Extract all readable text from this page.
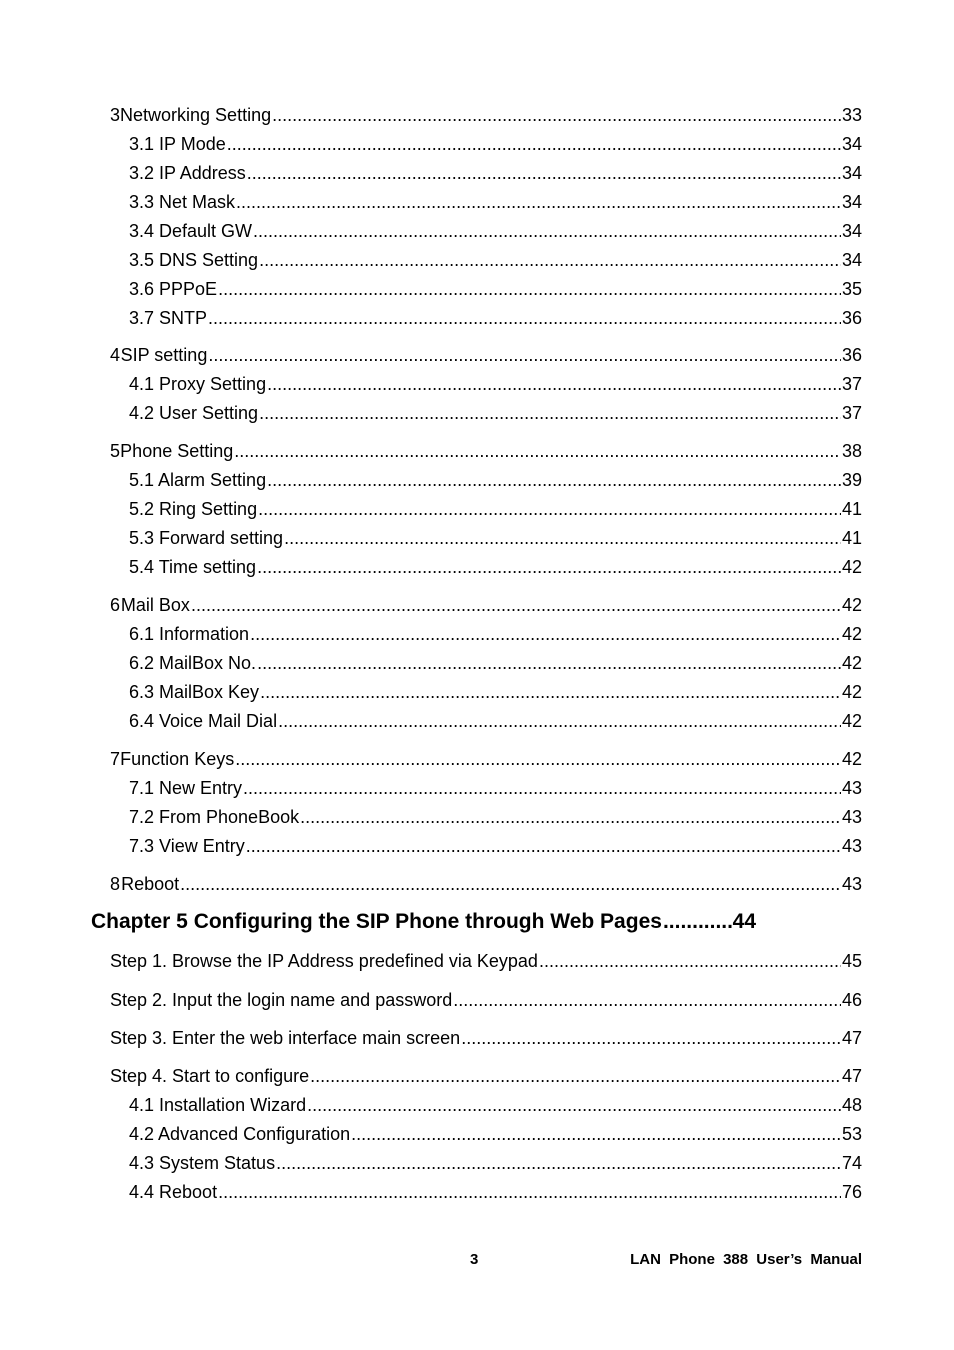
3 Networking Setting .....	33
3.1 IP Mode .....	34
3.2 IP Address .....	34
3.3 Net Mask .....	34
3.4 Default GW .....	34
3.5 DNS Setting .....	34
3.6 PPPoE .....	35
3.7 SNTP .....	36
4 SIP setting .....	36
4.1 Proxy Setting .....	37
4.2 User Setting .....	37
5 Phone Setting .....	38
5.1 Alarm Setting .....	39
5.2 Ring Setting .....	41
5.3 Forward setting .....	41
5.4 Time setting .....	42
6 Mail Box .....	42
6.1 Information .....	42
6.2 MailBox No. .....	42
6.3 MailBox Key .....	42
6.4 Voice Mail Dial .....	42
7 Function Keys .....	42
7.1 New Entry .....	43
7.2 From PhoneBook .....	43
7.3 View Entry .....	43
8 Reboot .....	43
Chapter 5 Configuring the SIP Phone through Web Pages .....	44
Step 1. Browse the IP Address predefined via Keypad .....	45
Step 2. Input the login name and password .....	46
Step 3. Enter the web interface main screen .....	47
Step 4. Start to configure .....	47
4.1 Installation Wizard .....	48
4.2 Advanced Configuration .....	53
4.3 System Status .....	74
4.4 Reboot .....	76
3	LAN Phone 388 User’s Manual
